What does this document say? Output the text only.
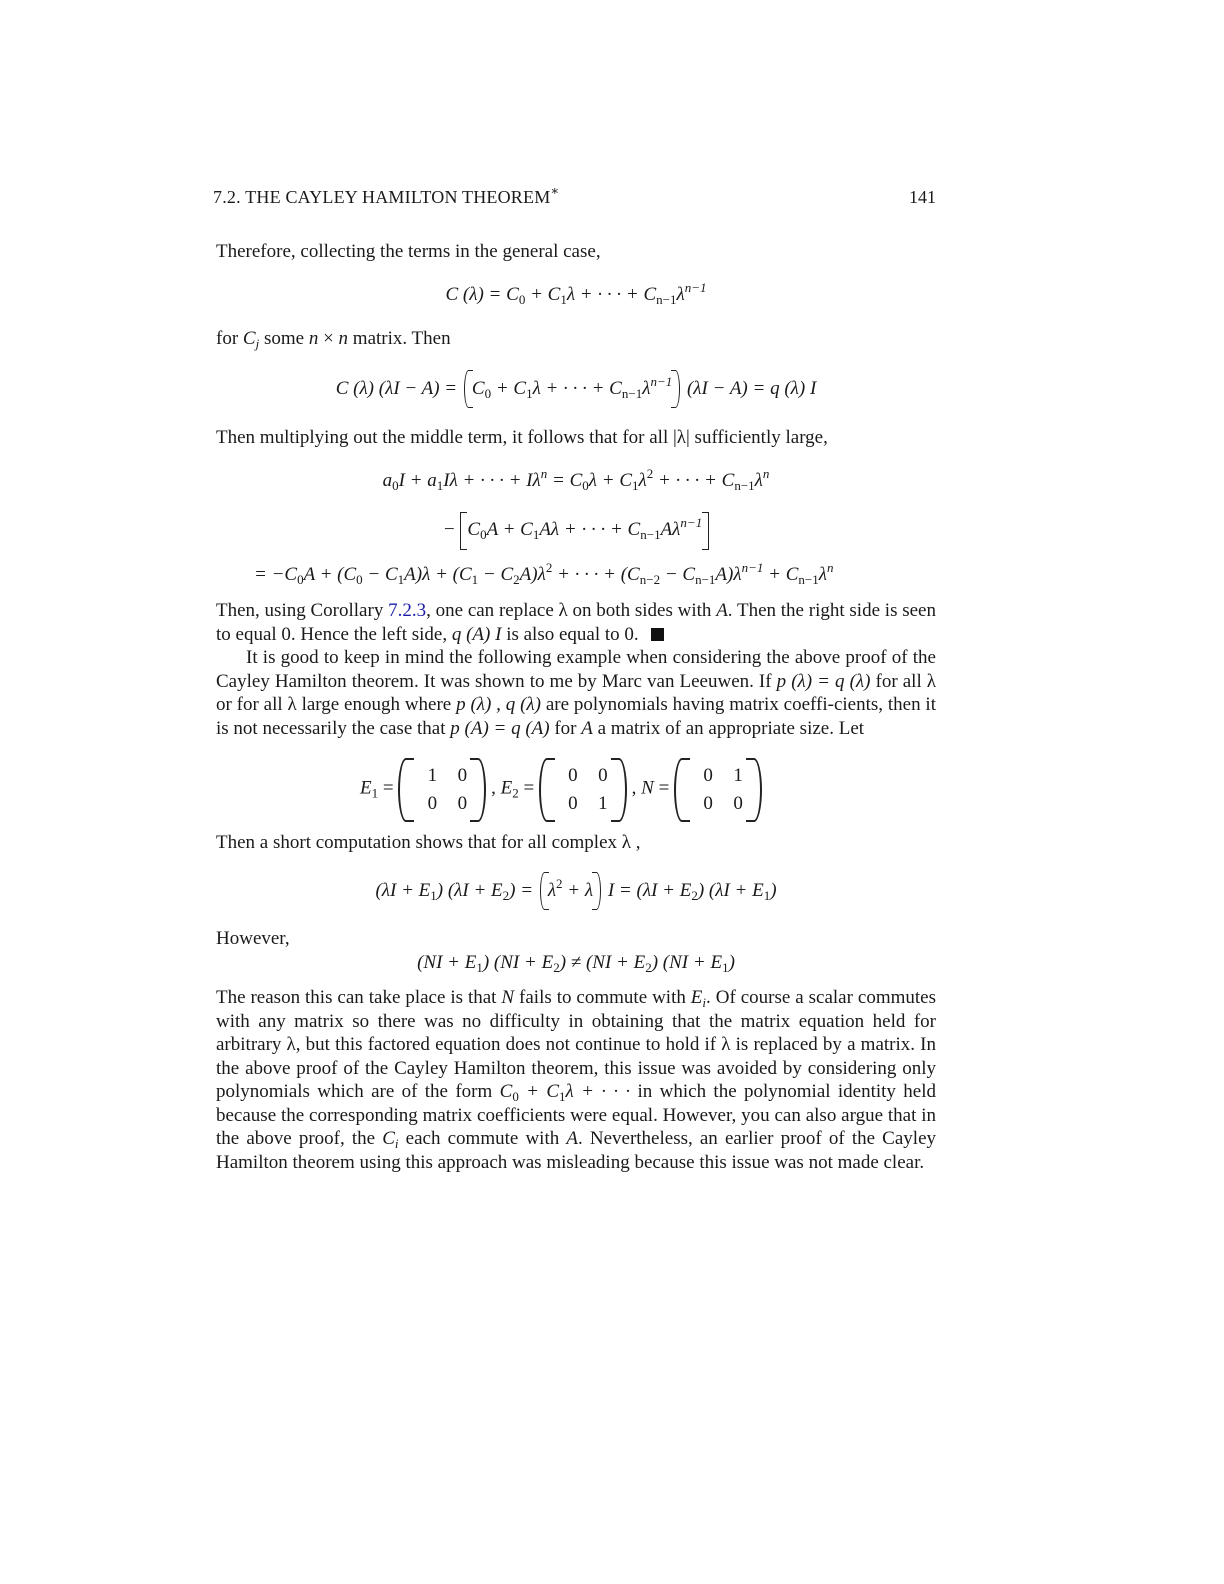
7.2. THE CAYLEY HAMILTON THEOREM∗	141
Therefore, collecting the terms in the general case,
C $(\lambda) = C_0 + C_1\lambda$ + · · · + $C_{n-1}\lambda^{n-1}$
for $C_j$ some n × n matrix. Then
C (λ) (λI − A) =
$C_0 + C_1\lambda$ + · · · + $C_{n-1}\lambda^{n-1}$
(λI − A) = q (λ) I
Then multiplying out the middle term, it follows that for all |λ| sufficiently large,
$a_0I + a_1I\lambda$ + · · · + $I\lambda^n = C_0\lambda + C_1\lambda^2$ + · · · + $C_{n-1}\lambda^n$
− $C_0A + C_1A\lambda$ + · · · + $C_{n-1}A\lambda^{n-1}$
= $-C_0A + (C_0 - C_1A)\lambda + (C_1 - C_2A)\lambda^2$ + · · · + $(C_{n-2} - C_{n-1}A)\lambda^{n-1} + C_{n-1}\lambda^n$
Then, using Corollary 7.2.3, one can replace λ on both sides with A. Then the right side is seen to equal 0. Hence the left side, q (A) I is also equal to 0.
It is good to keep in mind the following example when considering the above proof of the Cayley Hamilton theorem. It was shown to me by Marc van Leeuwen. If p (λ) = q (λ) for all λ or for all λ large enough where p (λ) , q (λ) are polynomials having matrix coeffi-cients, then it is not necessarily the case that p (A) = q (A) for A a matrix of an appropriate size. Let
$E_1$ =
1 0
0 0
, $E_2$ =
0 0
0 1
, N =
0 1
0 0
Then a short computation shows that for all complex λ ,
$(\lambda I + E_1)$ $(\lambda I + E_2)$ =
$\lambda^2 + \lambda$
$I = (\lambda I + E_2)$ $(\lambda I + E_1)$
However,
$(NI + E_1)$ $(NI + E_2) \ne (NI + E_2)$ $(NI + E_1)$
The reason this can take place is that N fails to commute with $E_i$. Of course a scalar commutes with any matrix so there was no difficulty in obtaining that the matrix equation held for arbitrary λ, but this factored equation does not continue to hold if λ is replaced by a matrix. In the above proof of the Cayley Hamilton theorem, this issue was avoided by considering only polynomials which are of the form $C_0 + C_1\lambda$ + · · · in which the polynomial identity held because the corresponding matrix coefficients were equal. However, you can also argue that in the above proof, the $C_i$ each commute with A. Nevertheless, an earlier proof of the Cayley Hamilton theorem using this approach was misleading because this issue was not made clear.
